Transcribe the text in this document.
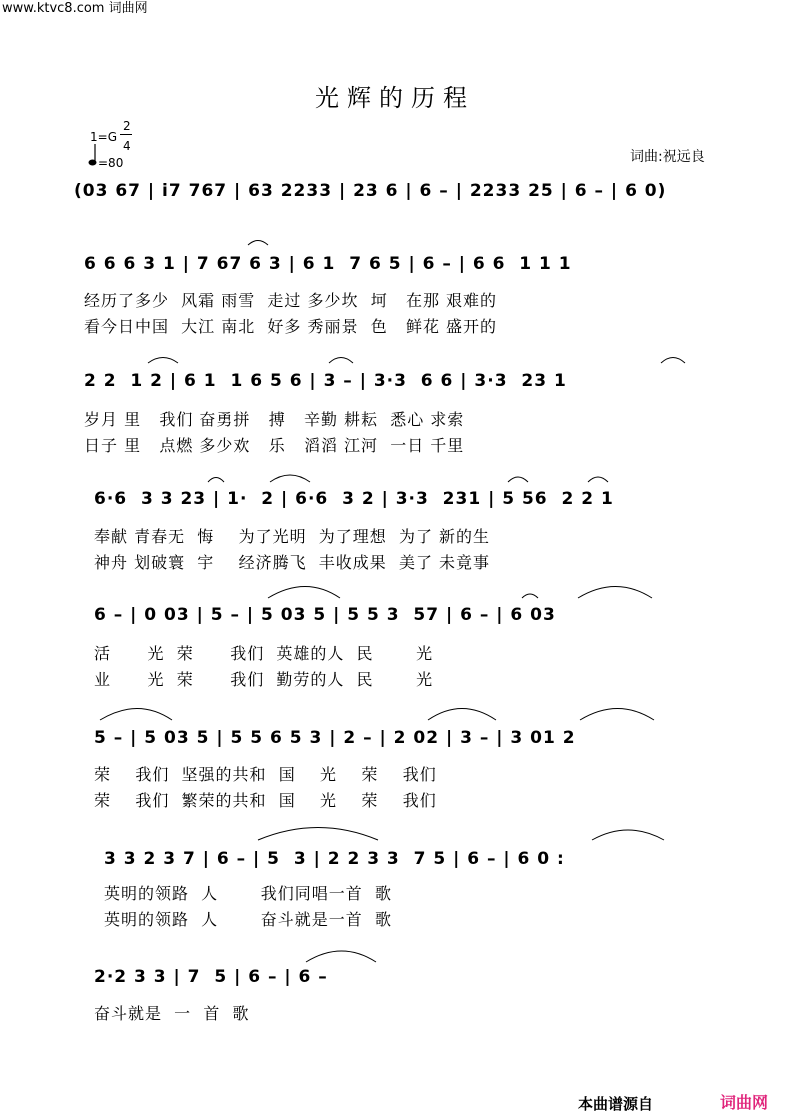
www.ktvc8.com 词曲网
光辉的历程
1=G
2
4
=80	词曲:祝远良
(03 67 | i7 767 | 63 2233 | 23 6 | 6 – | 2233 25 | 6 – | 6 0)
6 6 6 3 1 | 7 67 6 3 | 6 1  7 6 5 | 6 – | 6 6  1 1 1
经历了多少  风霜 雨雪  走过 多少坎  坷   在那 艰难的
看今日中国  大江 南北  好多 秀丽景  色   鲜花 盛开的
2 2  1 2 | 6 1  1 6 5 6 | 3 – | 3·3  6 6 | 3·3  23 1
岁月 里   我们 奋勇拼   搏   辛勤 耕耘  悉心 求索
日子 里   点燃 多少欢   乐   滔滔 江河  一日 千里
6·6  3 3 23 | 1·  2 | 6·6  3 2 | 3·3  231 | 5 56  2 2 1
奉献 青春无  悔    为了光明  为了理想  为了 新的生
神舟 划破寰  宇    经济腾飞  丰收成果  美了 未竟事
6 – | 0 03 | 5 – | 5 03 5 | 5 5 3  57 | 6 – | 6 03
活      光  荣      我们  英雄的人  民       光
业      光  荣      我们  勤劳的人  民       光
5 – | 5 03 5 | 5 5 6 5 3 | 2 – | 2 02 | 3 – | 3 01 2
荣    我们  坚强的共和  国    光    荣    我们
荣    我们  繁荣的共和  国    光    荣    我们
3 3 2 3 7 | 6 – | 5  3 | 2 2 3 3  7 5 | 6 – | 6 0 :
英明的领路  人       我们同唱一首  歌
英明的领路  人       奋斗就是一首  歌
2·2 3 3 | 7  5 | 6 – | 6 –
奋斗就是  一  首  歌
本曲谱源自	词曲网
